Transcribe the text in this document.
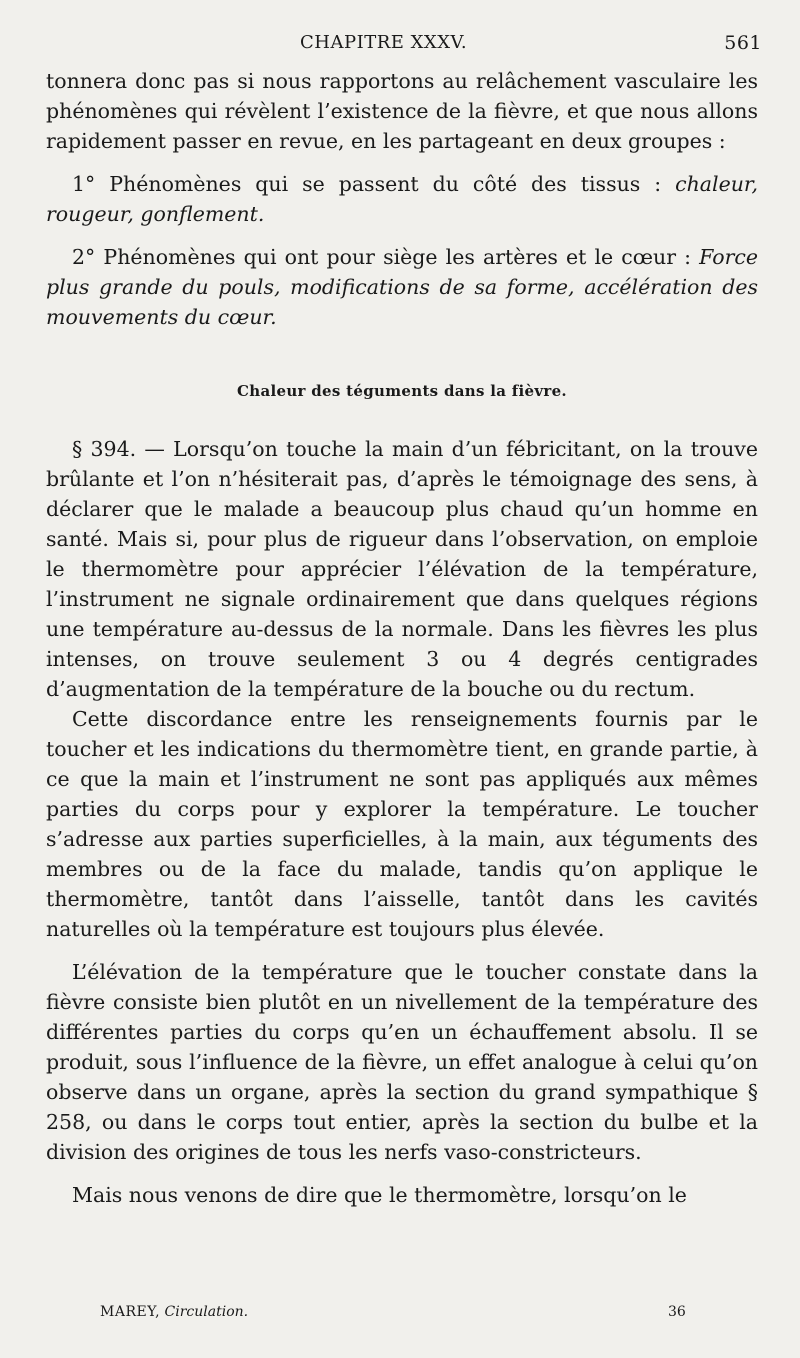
CHAPITRE XXXV.	561

tonnera donc pas si nous rapportons au relâchement vasculaire les phénomènes qui révèlent l’existence de la fièvre, et que nous allons rapidement passer en revue, en les partageant en deux groupes :

1° Phénomènes qui se passent du côté des tissus : chaleur, rougeur, gonflement.

2° Phénomènes qui ont pour siège les artères et le cœur : Force plus grande du pouls, modifications de sa forme, accélération des mouvements du cœur.

Chaleur des téguments dans la fièvre.

§ 394. — Lorsqu’on touche la main d’un fébricitant, on la trouve brûlante et l’on n’hésiterait pas, d’après le témoignage des sens, à déclarer que le malade a beaucoup plus chaud qu’un homme en santé. Mais si, pour plus de rigueur dans l’observation, on emploie le thermomètre pour apprécier l’élévation de la température, l’instrument ne signale ordinairement que dans quelques régions une température au-dessus de la normale. Dans les fièvres les plus intenses, on trouve seulement 3 ou 4 degrés centigrades d’augmentation de la température de la bouche ou du rectum.

Cette discordance entre les renseignements fournis par le toucher et les indications du thermomètre tient, en grande partie, à ce que la main et l’instrument ne sont pas appliqués aux mêmes parties du corps pour y explorer la température. Le toucher s’adresse aux parties superficielles, à la main, aux téguments des membres ou de la face du malade, tandis qu’on applique le thermomètre, tantôt dans l’aisselle, tantôt dans les cavités naturelles où la température est toujours plus élevée.

L’élévation de la température que le toucher constate dans la fièvre consiste bien plutôt en un nivellement de la température des différentes parties du corps qu’en un échauffement absolu. Il se produit, sous l’influence de la fièvre, un effet analogue à celui qu’on observe dans un organe, après la section du grand sympathique § 258, ou dans le corps tout entier, après la section du bulbe et la division des origines de tous les nerfs vaso-constricteurs.

Mais nous venons de dire que le thermomètre, lorsqu’on le

MAREY, Circulation.	36
